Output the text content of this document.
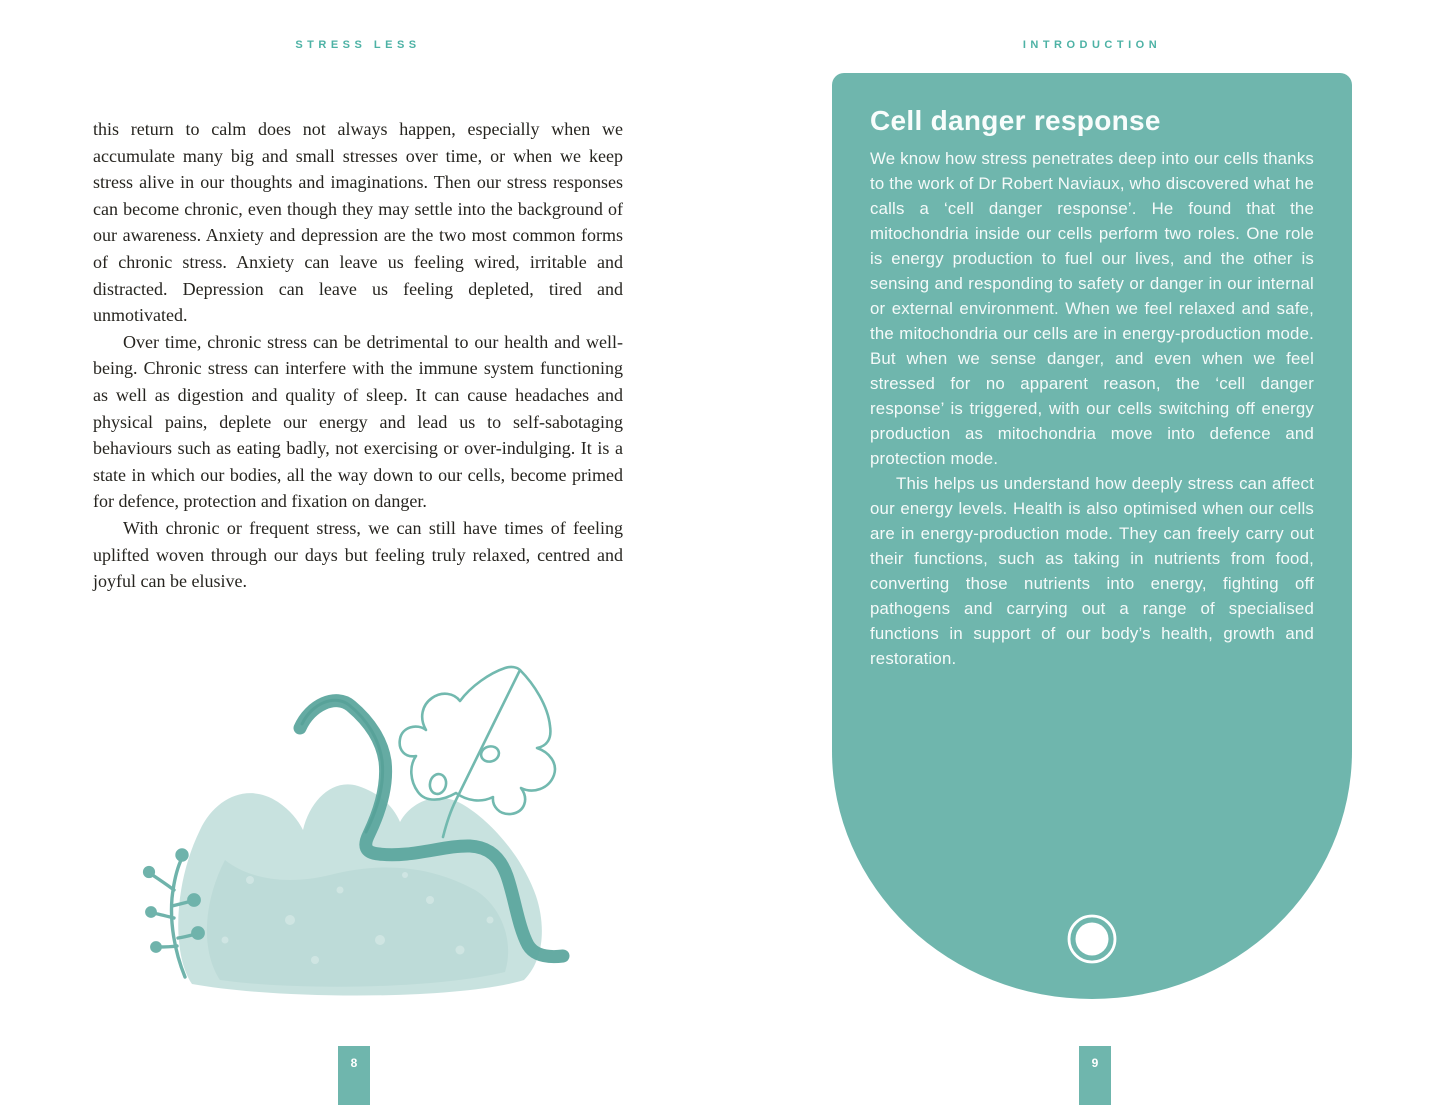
STRESS LESS

this return to calm does not always happen, especially when we accumulate many big and small stresses over time, or when we keep stress alive in our thoughts and imaginations. Then our stress responses can become chronic, even though they may settle into the background of our awareness. Anxiety and depression are the two most common forms of chronic stress. Anxiety can leave us feeling wired, irritable and distracted. Depression can leave us feeling depleted, tired and unmotivated.

Over time, chronic stress can be detrimental to our health and well-being. Chronic stress can interfere with the immune system functioning as well as digestion and quality of sleep. It can cause headaches and physical pains, deplete our energy and lead us to self-sabotaging behaviours such as eating badly, not exercising or over-indulging. It is a state in which our bodies, all the way down to our cells, become primed for defence, protection and fixation on danger.

With chronic or frequent stress, we can still have times of feeling uplifted woven through our days but feeling truly relaxed, centred and joyful can be elusive.

8
INTRODUCTION
Cell danger response

We know how stress penetrates deep into our cells thanks to the work of Dr Robert Naviaux, who discovered what he calls a ‘cell danger response’. He found that the mitochondria inside our cells perform two roles. One role is energy production to fuel our lives, and the other is sensing and responding to safety or danger in our internal or external environment. When we feel relaxed and safe, the mitochondria our cells are in energy-production mode. But when we sense danger, and even when we feel stressed for no apparent reason, the ‘cell danger response’ is triggered, with our cells switching off energy production as mitochondria move into defence and protection mode.

This helps us understand how deeply stress can affect our energy levels. Health is also optimised when our cells are in energy-production mode. They can freely carry out their functions, such as taking in nutrients from food, converting those nutrients into energy, fighting off pathogens and carrying out a range of specialised functions in support of our body’s health, growth and restoration.

9
